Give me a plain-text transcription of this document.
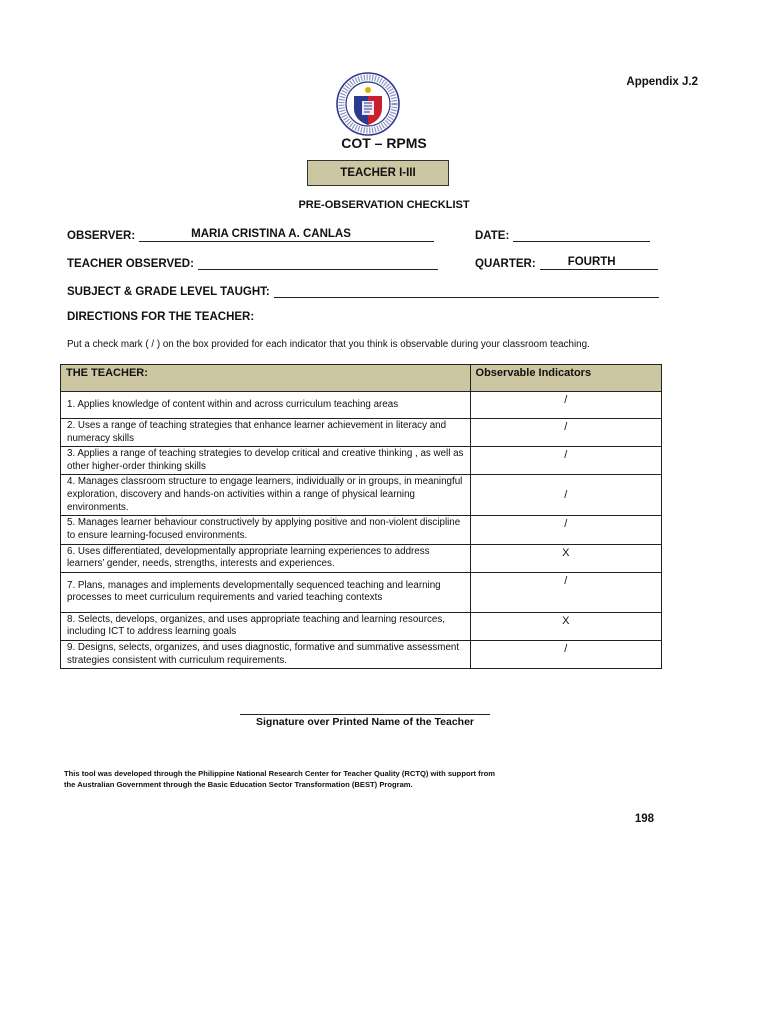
Appendix J.2
COT – RPMS
TEACHER I-III
PRE-OBSERVATION CHECKLIST
OBSERVER:	MARIA CRISTINA A. CANLAS	DATE:
TEACHER OBSERVED:	QUARTER:	FOURTH
SUBJECT & GRADE LEVEL TAUGHT:
DIRECTIONS FOR THE TEACHER:
Put a check mark ( / ) on the box provided for each indicator that you think is observable during your classroom teaching.
THE TEACHER:	Observable Indicators
1. Applies knowledge of content within and across curriculum teaching areas	/
2. Uses a range of teaching strategies that enhance learner achievement in literacy and numeracy skills	/
3. Applies a range of teaching strategies to develop critical and creative thinking , as well as other higher-order thinking skills	/
4. Manages classroom structure to engage learners, individually or in groups, in meaningful exploration, discovery and hands-on activities within a range of physical learning environments.	/
5. Manages learner behaviour constructively by applying positive and non-violent discipline to ensure learning-focused environments.	/
6. Uses differentiated, developmentally appropriate learning experiences to address learners’ gender, needs, strengths, interests and experiences.	X
7. Plans, manages and implements developmentally sequenced teaching and learning processes to meet curriculum requirements and varied teaching contexts	/
8. Selects, develops, organizes, and uses appropriate teaching and learning resources, including ICT to address learning goals	X
9. Designs, selects, organizes, and uses diagnostic, formative and summative assessment strategies consistent with curriculum requirements.	/
Signature over Printed Name of the Teacher
This tool was developed through the Philippine National Research Center for Teacher Quality (RCTQ) with support from the Australian Government through the Basic Education Sector Transformation (BEST) Program.
198
